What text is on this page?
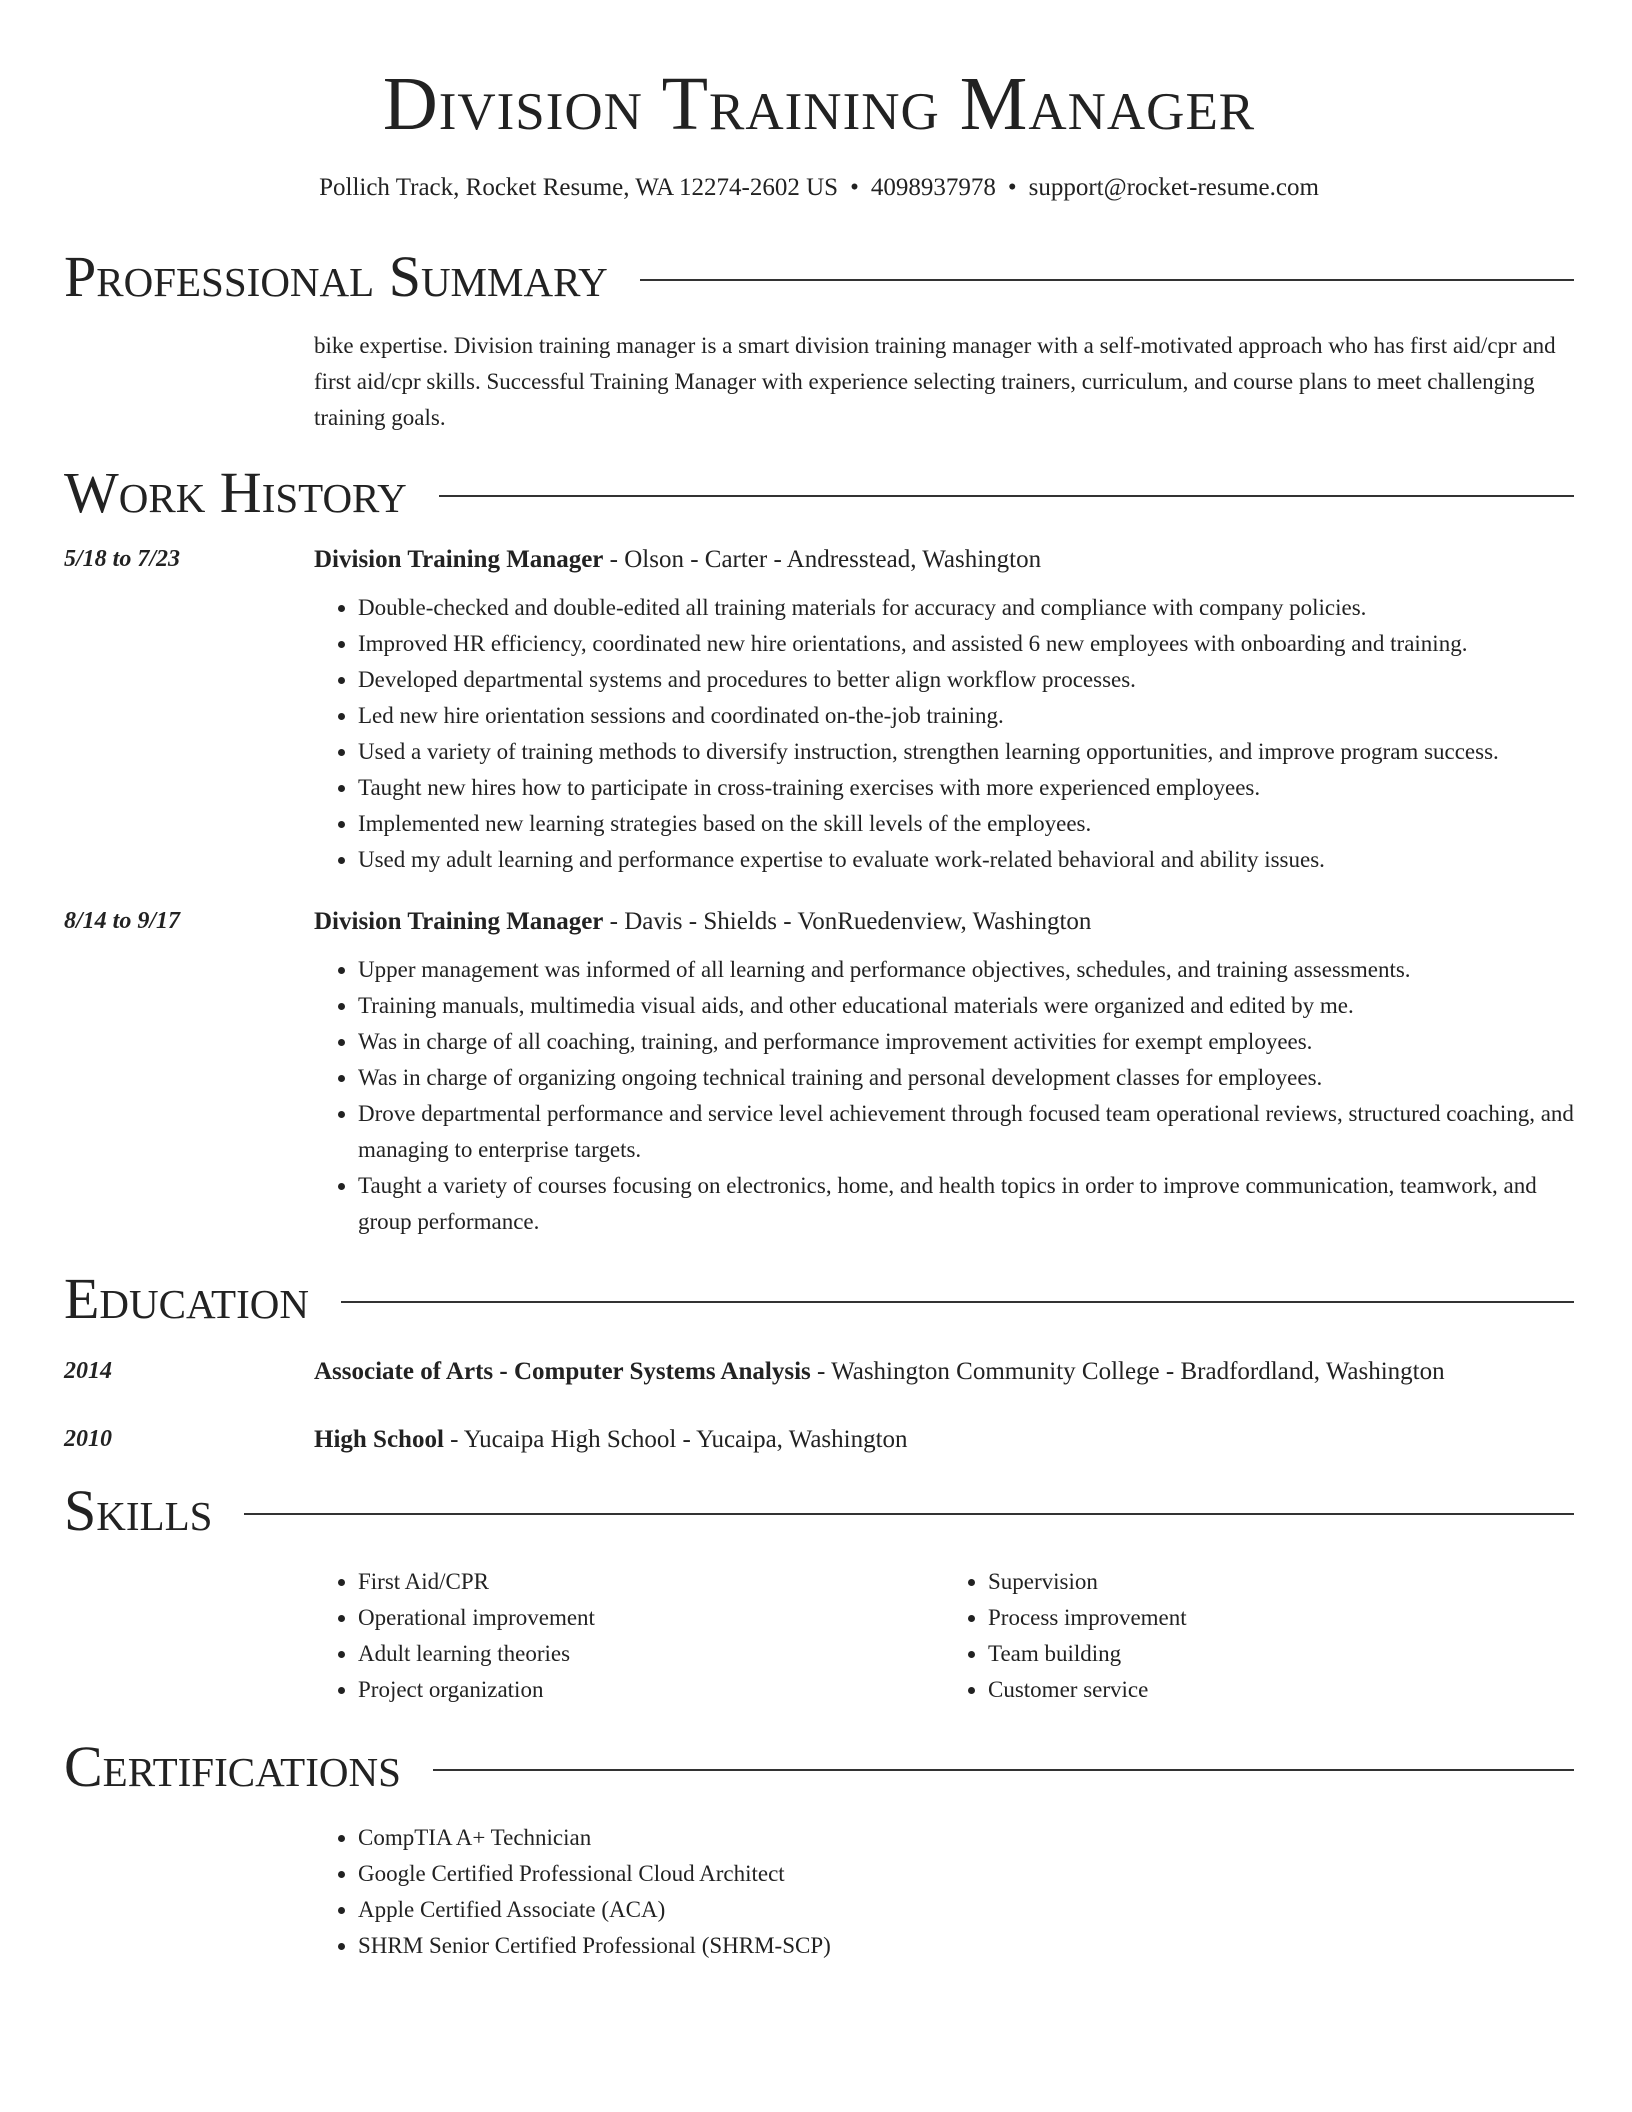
Division Training Manager
Pollich Track, Rocket Resume, WA 12274-2602 US • 4098937978 • support@rocket-resume.com
Professional Summary
bike expertise. Division training manager is a smart division training manager with a self-motivated approach who has first aid/cpr and first aid/cpr skills. Successful Training Manager with experience selecting trainers, curriculum, and course plans to meet challenging training goals.
Work History
5/18 to 7/23	Division Training Manager - Olson - Carter - Andresstead, Washington
• Double-checked and double-edited all training materials for accuracy and compliance with company policies.
• Improved HR efficiency, coordinated new hire orientations, and assisted 6 new employees with onboarding and training.
• Developed departmental systems and procedures to better align workflow processes.
• Led new hire orientation sessions and coordinated on-the-job training.
• Used a variety of training methods to diversify instruction, strengthen learning opportunities, and improve program success.
• Taught new hires how to participate in cross-training exercises with more experienced employees.
• Implemented new learning strategies based on the skill levels of the employees.
• Used my adult learning and performance expertise to evaluate work-related behavioral and ability issues.
8/14 to 9/17	Division Training Manager - Davis - Shields - VonRuedenview, Washington
• Upper management was informed of all learning and performance objectives, schedules, and training assessments.
• Training manuals, multimedia visual aids, and other educational materials were organized and edited by me.
• Was in charge of all coaching, training, and performance improvement activities for exempt employees.
• Was in charge of organizing ongoing technical training and personal development classes for employees.
• Drove departmental performance and service level achievement through focused team operational reviews, structured coaching, and managing to enterprise targets.
• Taught a variety of courses focusing on electronics, home, and health topics in order to improve communication, teamwork, and group performance.
Education
2014	Associate of Arts - Computer Systems Analysis - Washington Community College - Bradfordland, Washington
2010	High School - Yucaipa High School - Yucaipa, Washington
Skills
• First Aid/CPR
• Operational improvement
• Adult learning theories
• Project organization
• Supervision
• Process improvement
• Team building
• Customer service
Certifications
• CompTIA A+ Technician
• Google Certified Professional Cloud Architect
• Apple Certified Associate (ACA)
• SHRM Senior Certified Professional (SHRM-SCP)
